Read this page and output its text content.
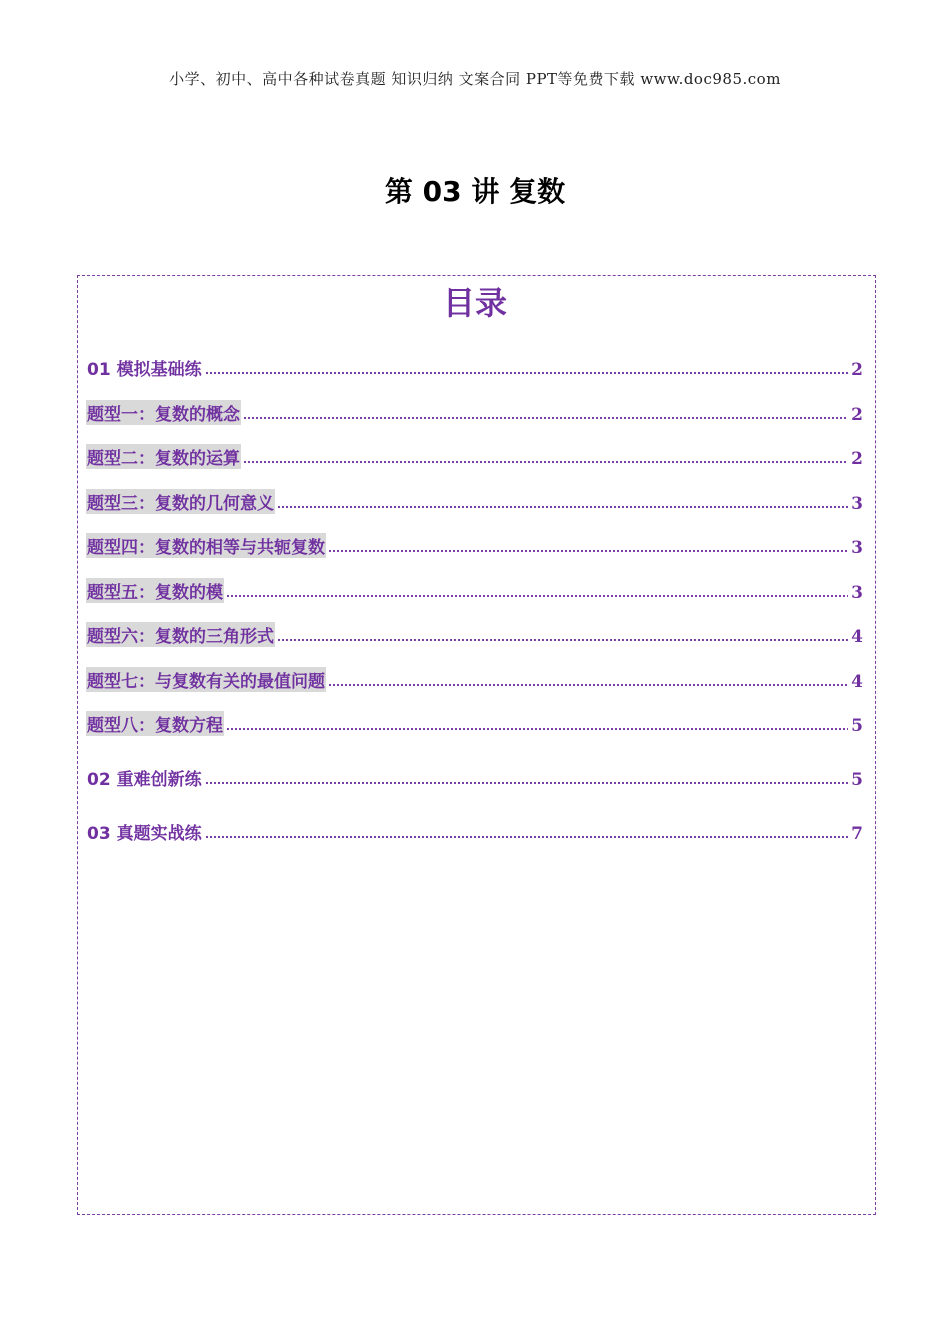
小学、初中、高中各种试卷真题 知识归纳 文案合同 PPT等免费下载 www.doc985.com
第 03 讲 复数
目录
01 模拟基础练	2
题型一：复数的概念	2
题型二：复数的运算	2
题型三：复数的几何意义	3
题型四：复数的相等与共轭复数	3
题型五：复数的模	3
题型六：复数的三角形式	4
题型七：与复数有关的最值问题	4
题型八：复数方程	5
02 重难创新练	5
03 真题实战练	7
